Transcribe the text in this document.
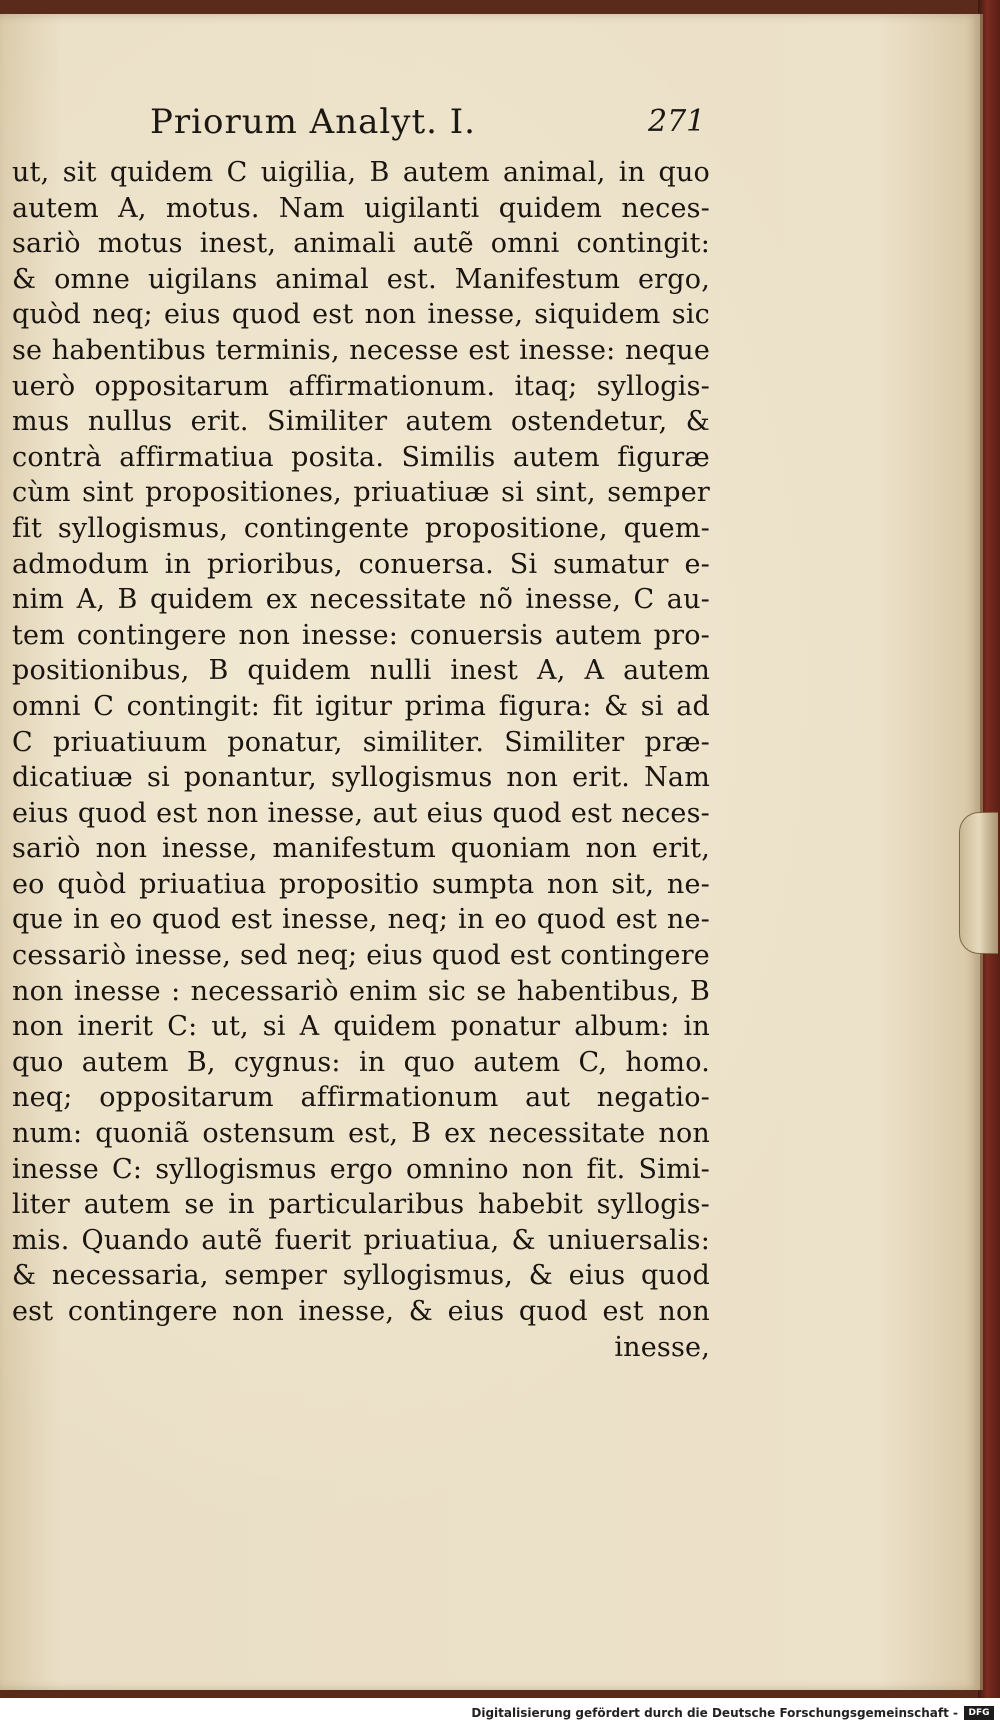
Priorum Analyt. I.	271
ut, sit quidem C uigilia, B autem animal, in quo
autem A, motus. Nam uigilanti quidem neces-
sariò motus inest, animali autẽ omni contingit:
& omne uigilans animal est. Manifestum ergo,
quòd neq; eius quod est non inesse, siquidem sic
se habentibus terminis, necesse est inesse: neque
uerò oppositarum affirmationum. itaq; syllogis-
mus nullus erit. Similiter autem ostendetur, &
contrà affirmatiua posita. Similis autem figuræ
cùm sint propositiones, priuatiuæ si sint, semper
fit syllogismus, contingente propositione, quem-
admodum in prioribus, conuersa. Si sumatur e-
nim A, B quidem ex necessitate nõ inesse, C au-
tem contingere non inesse: conuersis autem pro-
positionibus, B quidem nulli inest A, A autem
omni C contingit: fit igitur prima figura: & si ad
C priuatiuum ponatur, similiter. Similiter præ-
dicatiuæ si ponantur, syllogismus non erit. Nam
eius quod est non inesse, aut eius quod est neces-
sariò non inesse, manifestum quoniam non erit,
eo quòd priuatiua propositio sumpta non sit, ne-
que in eo quod est inesse, neq; in eo quod est ne-
cessariò inesse, sed neq; eius quod est contingere
non inesse : necessariò enim sic se habentibus, B
non inerit C: ut, si A quidem ponatur album: in
quo autem B, cygnus: in quo autem C, homo.
neq; oppositarum affirmationum aut negatio-
num: quoniã ostensum est, B ex necessitate non
inesse C: syllogismus ergo omnino non fit. Simi-
liter autem se in particularibus habebit syllogis-
mis. Quando autẽ fuerit priuatiua, & uniuersalis:
& necessaria, semper syllogismus, & eius quod
est contingere non inesse, & eius quod est non
inesse,
Digitalisierung gefördert durch die Deutsche Forschungsgemeinschaft -	DFG
